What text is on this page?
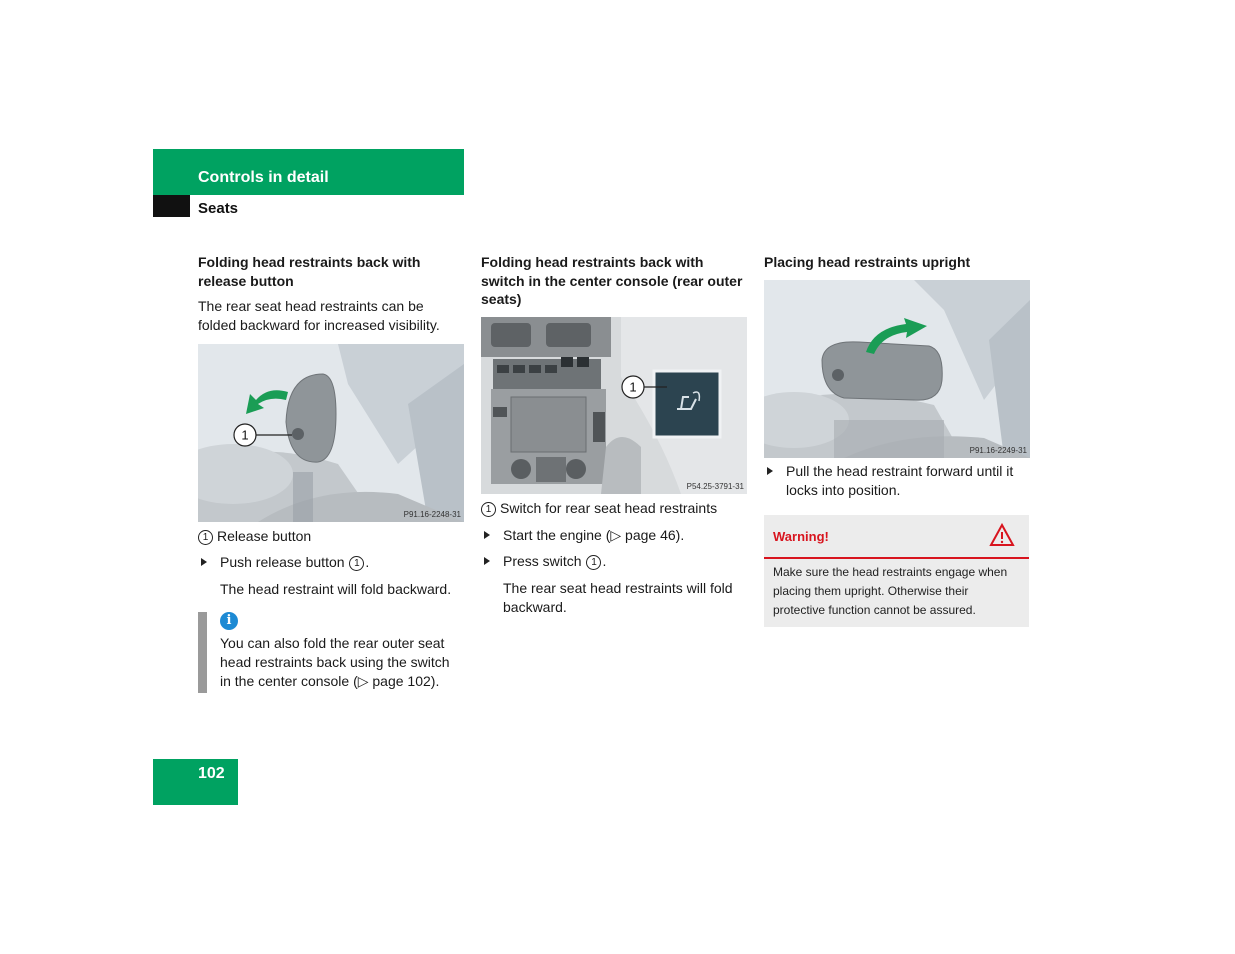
Controls in detail
Seats
Folding head restraints back with release button

The rear seat head restraints can be folded backward for increased visibility.

1
P91.16-2248-31

1 Release button

Push release button 1 .
The head restraint will fold backward.
i
You can also fold the rear outer seat head restraints back using the switch in the center console (▷ page 102).
Folding head restraints back with switch in the center console (rear outer seats)
1
P54.25-3791-31

1 Switch for rear seat head restraints

Start the engine (▷ page 46).
Press switch 1 .
The rear seat head restraints will fold backward.
Placing head restraints upright
P91.16-2249-31
Pull the head restraint forward until it locks into position.
Warning!
Make sure the head restraints engage when placing them upright. Otherwise their protective function cannot be assured.
102
